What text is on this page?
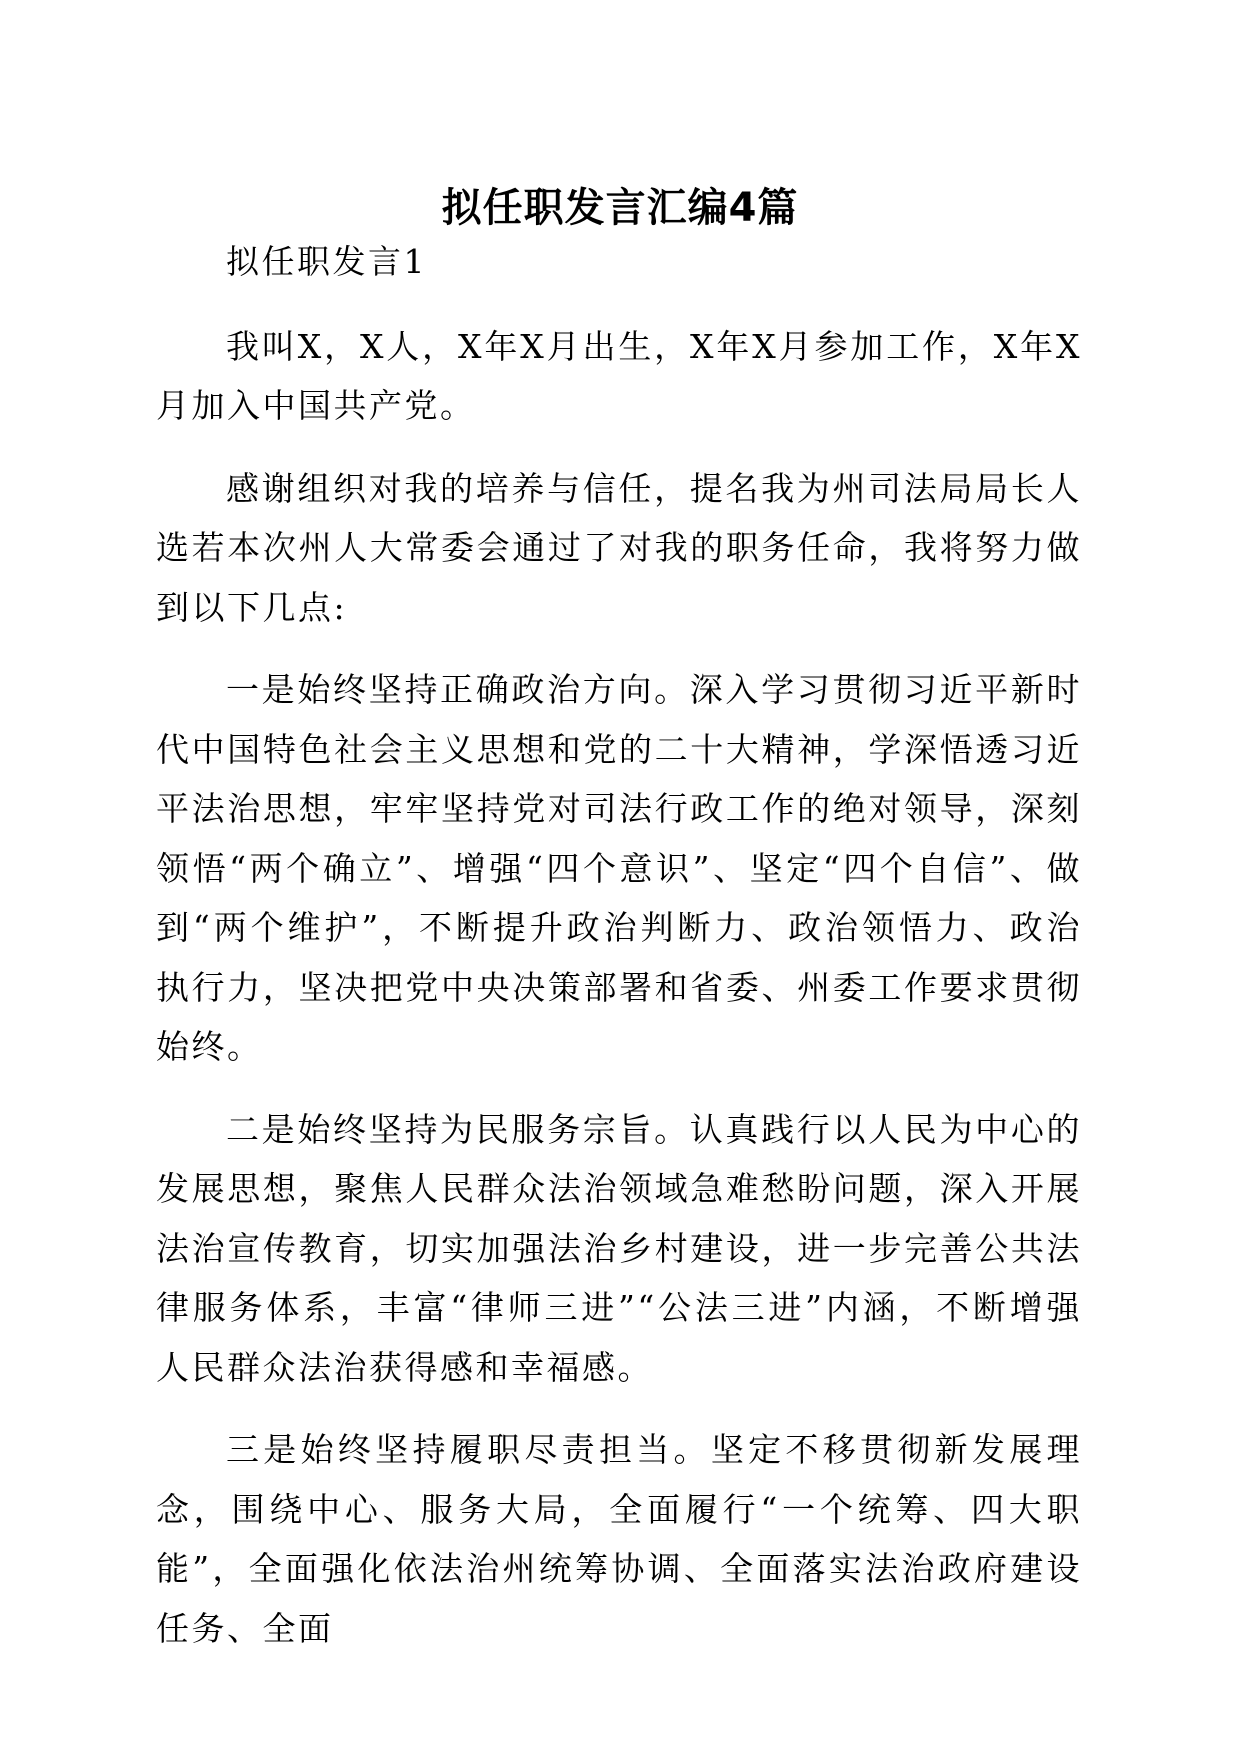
拟任职发言汇编4篇

拟任职发言1

我叫X，X人，X年X月出生，X年X月参加工作，X年X月加入中国共产党。

感谢组织对我的培养与信任，提名我为州司法局局长人选若本次州人大常委会通过了对我的职务任命，我将努力做到以下几点:

一是始终坚持正确政治方向。深入学习贯彻习近平新时代中国特色社会主义思想和党的二十大精神，学深悟透习近平法治思想，牢牢坚持党对司法行政工作的绝对领导，深刻领悟“两个确立”、增强“四个意识”、坚定“四个自信”、做到“两个维护”，不断提升政治判断力、政治领悟力、政治执行力，坚决把党中央决策部署和省委、州委工作要求贯彻始终。

二是始终坚持为民服务宗旨。认真践行以人民为中心的发展思想，聚焦人民群众法治领域急难愁盼问题，深入开展法治宣传教育，切实加强法治乡村建设，进一步完善公共法律服务体系，丰富“律师三进”“公法三进”内涵，不断增强人民群众法治获得感和幸福感。

三是始终坚持履职尽责担当。坚定不移贯彻新发展理念，围绕中心、服务大局，全面履行“一个统筹、四大职能”，全面强化依法治州统筹协调、全面落实法治政府建设任务、全面
